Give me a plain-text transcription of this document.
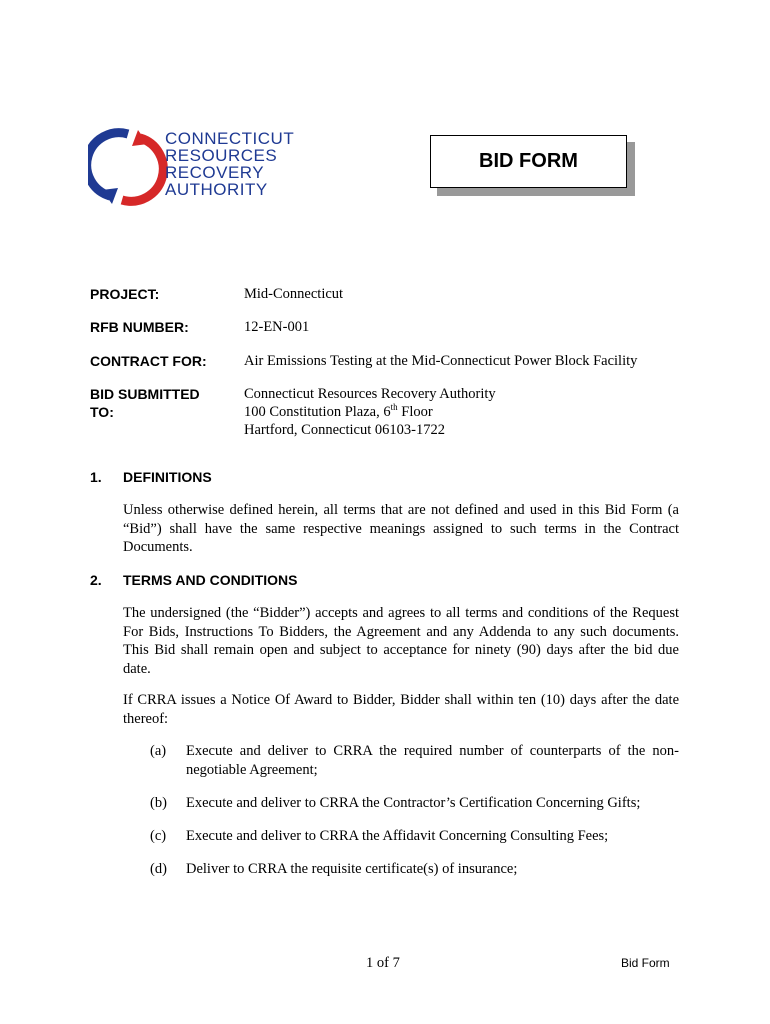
CONNECTICUT
RESOURCES
RECOVERY
AUTHORITY
BID FORM
PROJECT:	Mid-Connecticut
RFB NUMBER:	12-EN-001
CONTRACT FOR:	Air Emissions Testing at the Mid-Connecticut Power Block Facility
BID SUBMITTED
TO:
Connecticut Resources Recovery Authority
100 Constitution Plaza, 6th Floor
Hartford, Connecticut 06103-1722
1. DEFINITIONS
Unless otherwise defined herein, all terms that are not defined and used in this Bid Form (a “Bid”) shall have the same respective meanings assigned to such terms in the Contract Documents.
2. TERMS AND CONDITIONS
The undersigned (the “Bidder”) accepts and agrees to all terms and conditions of the Request For Bids, Instructions To Bidders, the Agreement and any Addenda to any such documents. This Bid shall remain open and subject to acceptance for ninety (90) days after the bid due date.
If CRRA issues a Notice Of Award to Bidder, Bidder shall within ten (10) days after the date thereof:
(a) Execute and deliver to CRRA the required number of counterparts of the non-negotiable Agreement;
(b) Execute and deliver to CRRA the Contractor’s Certification Concerning Gifts;
(c) Execute and deliver to CRRA the Affidavit Concerning Consulting Fees;
(d) Deliver to CRRA the requisite certificate(s) of insurance;
1 of 7	Bid Form
